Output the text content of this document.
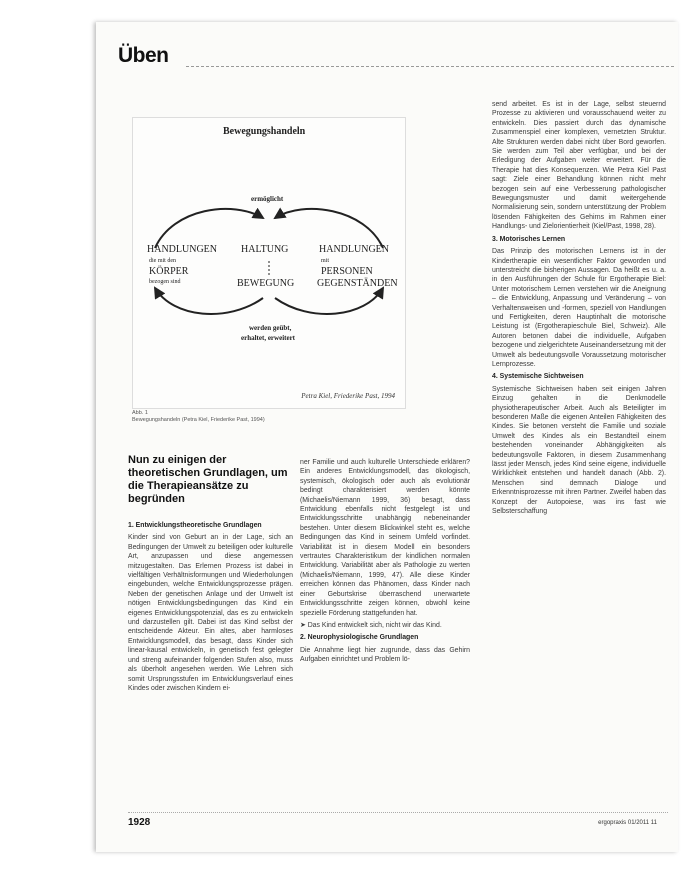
Üben
Bewegungshandeln
ermöglicht
HANDLUNGEN
die mit den
KÖRPER
bezogen sind
HALTUNG
BEWEGUNG
HANDLUNGEN
mit
PERSONEN
GEGENSTÄNDEN
werden geübt,
erhaltet, erweitert
Petra Kiel, Friederike Past, 1994
Abb. 1
Bewegungshandeln (Petra Kiel, Friederike Past, 1994)
Nun zu einigen der theoretischen Grundlagen, um die Therapieansätze zu begründen

1. Entwicklungstheoretische Grundlagen

Kinder sind von Geburt an in der Lage, sich an Bedingungen der Umwelt zu beteiligen oder kulturelle Art, anzupassen und diese angemessen mitzugestalten. Das Erlernen Prozess ist dabei in vielfältigen Verhältnisformungen und Wiederholungen eingebunden, welche Entwicklungsprozesse prägen. Neben der genetischen Anlage und der Umwelt ist nötigen Entwicklungsbedingungen das Kind ein eigenes Entwicklungspotenzial, das es zu entwickeln und darzustellen gilt. Dabei ist das Kind selbst der entscheidende Akteur. Ein altes, aber harmloses Entwicklungsmodell, das besagt, dass Kinder sich linear-kausal entwickeln, in genetisch fest gelegter und streng aufeinander folgenden Stufen also, muss als überholt angesehen werden. Wie Lehren sich somit Ursprungsstufen im Entwicklungsverlauf eines Kindes oder zwischen Kindern ei-

ner Familie und auch kulturelle Unterschiede erklären? Ein anderes Entwicklungsmodell, das ökologisch, systemisch, ökologisch oder auch als evolutionär bedingt charakterisiert werden könnte (Michaelis/Niemann 1999, 36) besagt, dass Entwicklung ebenfalls nicht festgelegt ist und Entwicklungsschritte unabhängig nebeneinander bestehen. Unter diesem Blickwinkel steht es, welche Bedingungen das Kind in seinem Umfeld vorfindet. Variabilität ist in diesem Modell ein besonders vertrautes Charakteristikum der kindlichen normalen Entwicklung. Variabilität aber als Pathologie zu werten (Michaelis/Niemann, 1999, 47). Alle diese Kinder erreichen können das Phänomen, dass Kinder nach einer Geburtskrise überraschend unerwartete Entwicklungsschritte zeigen können, obwohl keine spezielle Förderung stattgefunden hat.

➤ Das Kind entwickelt sich, nicht wir das Kind.

2. Neurophysiologische Grundlagen

Die Annahme liegt hier zugrunde, dass das Gehirn Aufgaben einrichtet und Problem lö-

send arbeitet. Es ist in der Lage, selbst steuernd Prozesse zu aktivieren und vorausschauend weiter zu entwickeln. Dies passiert durch das dynamische Zusammenspiel einer komplexen, vernetzten Struktur. Alte Strukturen werden dabei nicht über Bord geworfen. Sie werden zum Teil aber verfügbar, und bei der Erledigung der Aufgaben weiter erweitert. Für die Therapie hat dies Konsequenzen. Wie Petra Kiel Past sagt: Ziele einer Behandlung können nicht mehr bezogen sein auf eine Verbesserung pathologischer Bewegungsmuster und damit weitergehende Normalisierung sein, sondern unterstützung der Problem lösenden Fähigkeiten des Gehirns im Rahmen einer Handlungs- und Zielorientierheit (Kiel/Past, 1998, 28).

3. Motorisches Lernen

Das Prinzip des motorischen Lernens ist in der Kindertherapie ein wesentlicher Faktor geworden und unterstreicht die bisherigen Aussagen. Da heißt es u. a. in den Ausführungen der Schule für Ergotherapie Biel: Unter motorischem Lernen verstehen wir die Aneignung – die Entwicklung, Anpassung und Veränderung – von Verhaltensweisen und -formen, speziell von Handlungen und Fertigkeiten, deren Hauptinhalt die motorische Leistung ist (Ergotherapieschule Biel, Schweiz). Alle Autoren betonen dabei die individuelle, Aufgaben bezogene und zielgerichtete Auseinandersetzung mit der Umwelt als bedeutungsvolle Voraussetzung motorischer Lernprozesse.

4. Systemische Sichtweisen

Systemische Sichtweisen haben seit einigen Jahren Einzug gehalten in die Denkmodelle physiotherapeutischer Arbeit. Auch als Beteiligter im besonderen Maße die eigenen Anteilen Fähigkeiten des Kindes. Sie betonen versteht die Familie und soziale Umwelt des Kindes als ein Bestandteil einem bestehenden voneinander Abhängigkeiten als bedeutungsvolle Faktoren, in diesem Zusammenhang lässt jeder Mensch, jedes Kind seine eigene, individuelle Wirklichkeit entstehen und handelt danach (Abb. 2). Menschen sind demnach Dialoge und Erkenntnisprozesse mit ihren Partner. Zweifel haben das Konzept der Autopoiese, was ins fast wie Selbsterschaffung

1928	ergopraxis 01/2011 11
